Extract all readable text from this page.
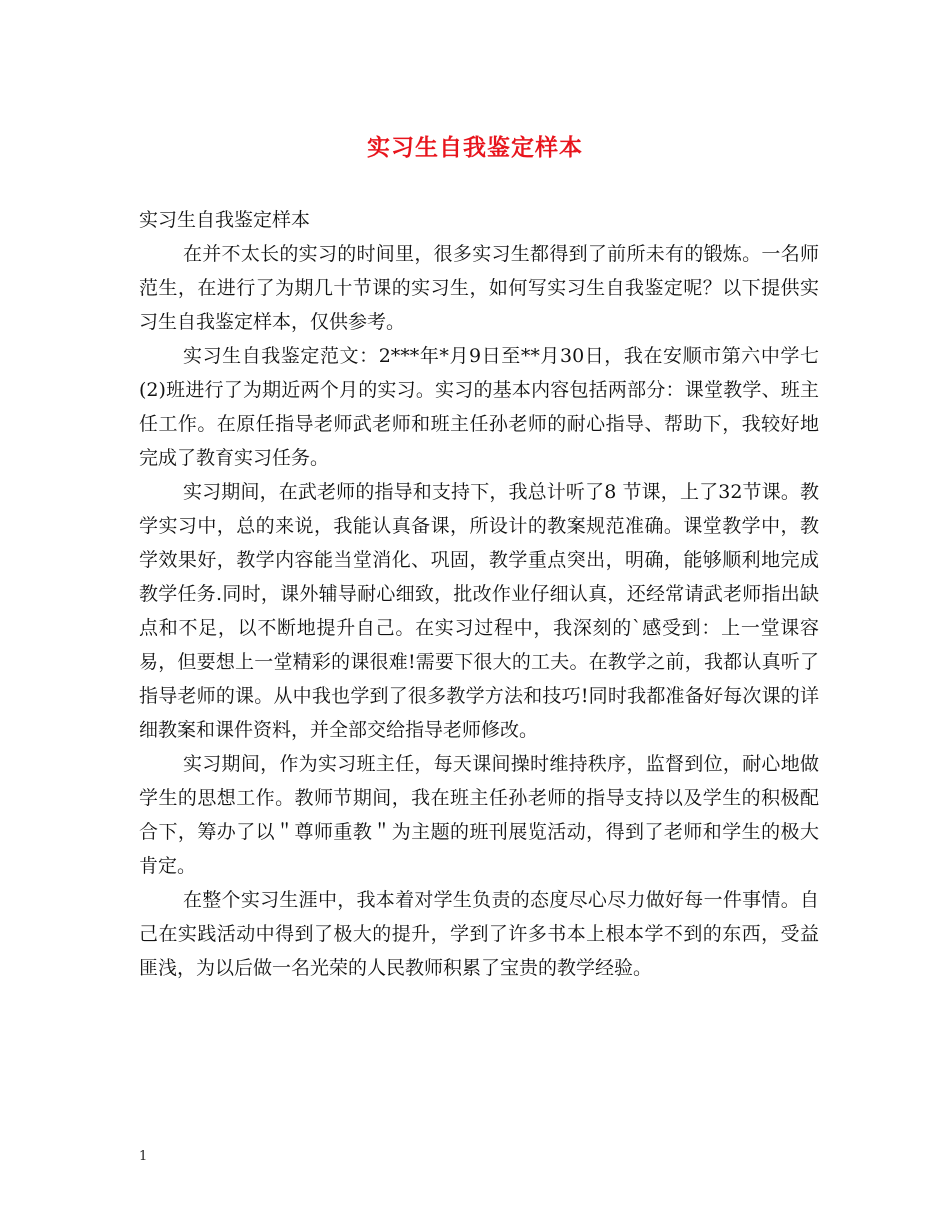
实习生自我鉴定样本

实习生自我鉴定样本

在并不太长的实习的时间里，很多实习生都得到了前所未有的锻炼。一名师范生，在进行了为期几十节课的实习生，如何写实习生自我鉴定呢？以下提供实习生自我鉴定样本，仅供参考。

实习生自我鉴定范文：2***年*月9日至**月30日，我在安顺市第六中学七(2)班进行了为期近两个月的实习。实习的基本内容包括两部分：课堂教学、班主任工作。在原任指导老师武老师和班主任孙老师的耐心指导、帮助下，我较好地完成了教育实习任务。

实习期间，在武老师的指导和支持下，我总计听了8 节课，上了32节课。教学实习中，总的来说，我能认真备课，所设计的教案规范准确。课堂教学中，教学效果好，教学内容能当堂消化、巩固，教学重点突出，明确，能够顺利地完成教学任务.同时，课外辅导耐心细致，批改作业仔细认真，还经常请武老师指出缺点和不足，以不断地提升自己。在实习过程中，我深刻的`感受到：上一堂课容易，但要想上一堂精彩的课很难!需要下很大的工夫。在教学之前，我都认真听了指导老师的课。从中我也学到了很多教学方法和技巧!同时我都准备好每次课的详细教案和课件资料，并全部交给指导老师修改。

实习期间，作为实习班主任，每天课间操时维持秩序，监督到位，耐心地做学生的思想工作。教师节期间，我在班主任孙老师的指导支持以及学生的积极配合下，筹办了以＂尊师重教＂为主题的班刊展览活动，得到了老师和学生的极大肯定。

在整个实习生涯中，我本着对学生负责的态度尽心尽力做好每一件事情。自己在实践活动中得到了极大的提升，学到了许多书本上根本学不到的东西，受益匪浅，为以后做一名光荣的人民教师积累了宝贵的教学经验。

1
